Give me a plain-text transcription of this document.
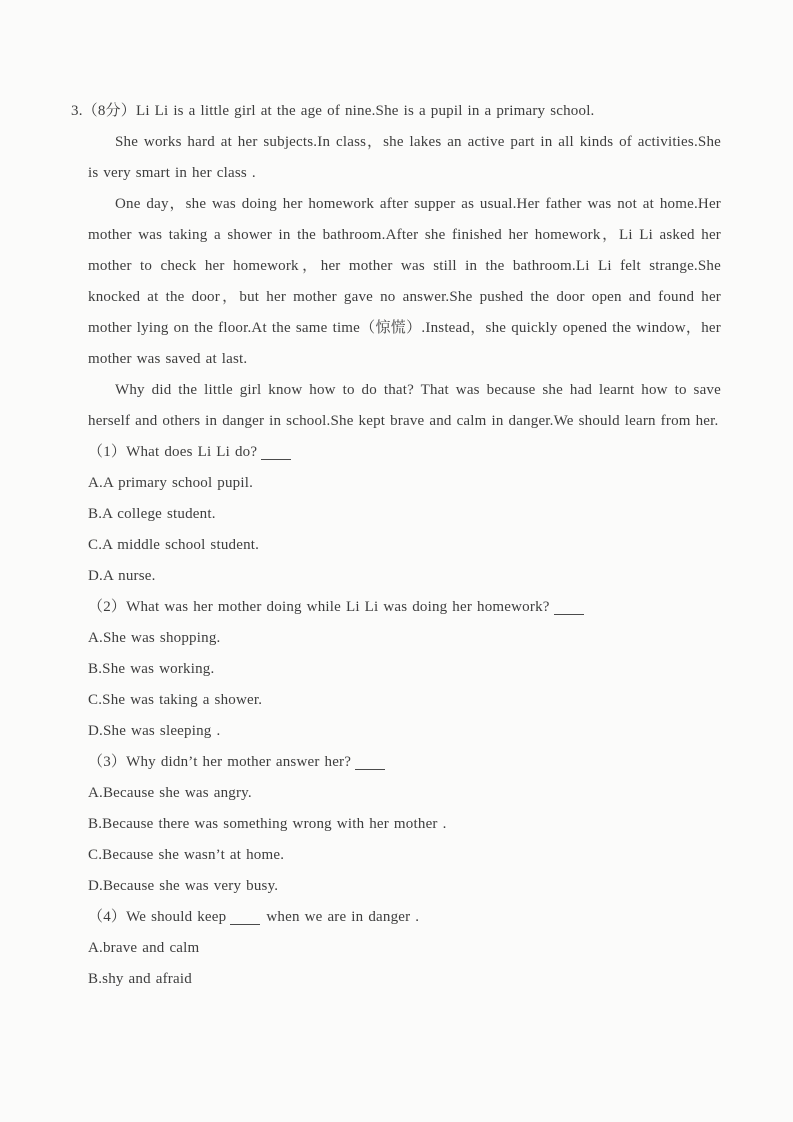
3.（8分）Li Li is a little girl at the age of nine.She is a pupil in a primary school.

She works hard at her subjects.In class，she lakes an active part in all kinds of activities.She is very smart in her class .

One day，she was doing her homework after supper as usual.Her father was not at home.Her mother was taking a shower in the bathroom.After she finished her homework，Li Li asked her mother to check her homework，her mother was still in the bathroom.Li Li felt strange.She knocked at the door，but her mother gave no answer.She pushed the door open and found her mother lying on the floor.At the same time（惊慌）.Instead，she quickly opened the window，her mother was saved at last.

Why did the little girl know how to do that? That was because she had learnt how to save herself and others in danger in school.She kept brave and calm in danger.We should learn from her.

（1）What does Li Li do?

A.A primary school pupil.

B.A college student.

C.A middle school student.

D.A nurse.

（2）What was her mother doing while Li Li was doing her homework?

A.She was shopping.

B.She was working.

C.She was taking a shower.

D.She was sleeping .

（3）Why didn’t her mother answer her?

A.Because she was angry.

B.Because there was something wrong with her mother .

C.Because she wasn’t at home.

D.Because she was very busy.

（4）We should keep	when we are in danger .

A.brave and calm

B.shy and afraid
